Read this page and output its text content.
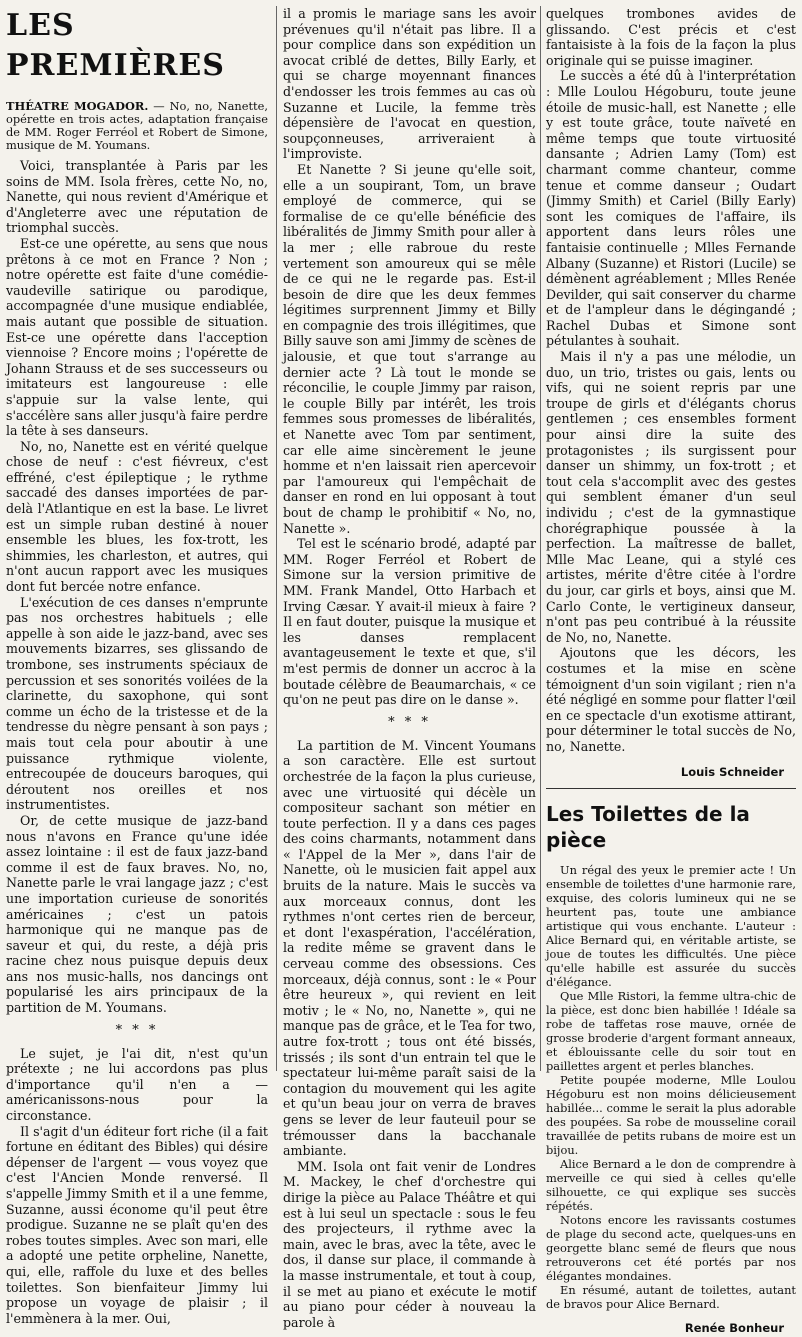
LES PREMIÈRES
THÉATRE MOGADOR. — No, no, Nanette, opérette en trois actes, adaptation française de MM. Roger Ferréol et Robert de Simone, musique de M. Youmans.

Voici, transplantée à Paris par les soins de MM. Isola frères, cette No, no, Nanette, qui nous revient d'Amérique et d'Angleterre avec une réputation de triomphal succès.

Est-ce une opérette, au sens que nous prêtons à ce mot en France ? Non ; notre opérette est faite d'une comédie-vaudeville satirique ou parodique, accompagnée d'une musique endiablée, mais autant que possible de situation. Est-ce une opérette dans l'acception viennoise ? Encore moins ; l'opérette de Johann Strauss et de ses successeurs ou imitateurs est langoureuse : elle s'appuie sur la valse lente, qui s'accélère sans aller jusqu'à faire perdre la tête à ses danseurs.

No, no, Nanette est en vérité quelque chose de neuf : c'est fiévreux, c'est effréné, c'est épileptique ; le rythme saccadé des danses importées de par-delà l'Atlantique en est la base. Le livret est un simple ruban destiné à nouer ensemble les blues, les fox-trott, les shimmies, les charleston, et autres, qui n'ont aucun rapport avec les musiques dont fut bercée notre enfance.

L'exécution de ces danses n'emprunte pas nos orchestres habituels ; elle appelle à son aide le jazz-band, avec ses mouvements bizarres, ses glissando de trombone, ses instruments spéciaux de percussion et ses sonorités voilées de la clarinette, du saxophone, qui sont comme un écho de la tristesse et de la tendresse du nègre pensant à son pays ; mais tout cela pour aboutir à une puissance rythmique violente, entrecoupée de douceurs baroques, qui déroutent nos oreilles et nos instrumentistes.

Or, de cette musique de jazz-band nous n'avons en France qu'une idée assez lointaine : il est de faux jazz-band comme il est de faux braves. No, no, Nanette parle le vrai langage jazz ; c'est une importation curieuse de sonorités américaines ; c'est un patois harmonique qui ne manque pas de saveur et qui, du reste, a déjà pris racine chez nous puisque depuis deux ans nos music-halls, nos dancings ont popularisé les airs principaux de la partition de M. Youmans.

* * *

Le sujet, je l'ai dit, n'est qu'un prétexte ; ne lui accordons pas plus d'importance qu'il n'en a — américanissons-nous pour la circonstance.

Il s'agit d'un éditeur fort riche (il a fait fortune en éditant des Bibles) qui désire dépenser de l'argent — vous voyez que c'est l'Ancien Monde renversé. Il s'appelle Jimmy Smith et il a une femme, Suzanne, aussi économe qu'il peut être prodigue. Suzanne ne se plaît qu'en des robes toutes simples. Avec son mari, elle a adopté une petite orpheline, Nanette, qui, elle, raffole du luxe et des belles toilettes. Son bienfaiteur Jimmy lui propose un voyage de plaisir ; il l'emmènera à la mer. Oui,

il a promis le mariage sans les avoir prévenues qu'il n'était pas libre. Il a pour complice dans son expédition un avocat criblé de dettes, Billy Early, et qui se charge moyennant finances d'endosser les trois femmes au cas où Suzanne et Lucile, la femme très dépensière de l'avocat en question, soupçonneuses, arriveraient à l'improviste.

Et Nanette ? Si jeune qu'elle soit, elle a un soupirant, Tom, un brave employé de commerce, qui se formalise de ce qu'elle bénéficie des libéralités de Jimmy Smith pour aller à la mer ; elle rabroue du reste vertement son amoureux qui se mêle de ce qui ne le regarde pas. Est-il besoin de dire que les deux femmes légitimes surprennent Jimmy et Billy en compagnie des trois illégitimes, que Billy sauve son ami Jimmy de scènes de jalousie, et que tout s'arrange au dernier acte ? Là tout le monde se réconcilie, le couple Jimmy par raison, le couple Billy par intérêt, les trois femmes sous promesses de libéralités, et Nanette avec Tom par sentiment, car elle aime sincèrement le jeune homme et n'en laissait rien apercevoir par l'amoureux qui l'empêchait de danser en rond en lui opposant à tout bout de champ le prohibitif « No, no, Nanette ».

Tel est le scénario brodé, adapté par MM. Roger Ferréol et Robert de Simone sur la version primitive de MM. Frank Mandel, Otto Harbach et Irving Cæsar. Y avait-il mieux à faire ? Il en faut douter, puisque la musique et les danses remplacent avantageusement le texte et que, s'il m'est permis de donner un accroc à la boutade célèbre de Beaumarchais, « ce qu'on ne peut pas dire on le danse ».

* * *

La partition de M. Vincent Youmans a son caractère. Elle est surtout orchestrée de la façon la plus curieuse, avec une virtuosité qui décèle un compositeur sachant son métier en toute perfection. Il y a dans ces pages des coins charmants, notamment dans « l'Appel de la Mer », dans l'air de Nanette, où le musicien fait appel aux bruits de la nature. Mais le succès va aux morceaux connus, dont les rythmes n'ont certes rien de berceur, et dont l'exaspération, l'accélération, la redite même se gravent dans le cerveau comme des obsessions. Ces morceaux, déjà connus, sont : le « Pour être heureux », qui revient en leit motiv ; le « No, no, Nanette », qui ne manque pas de grâce, et le Tea for two, autre fox-trott ; tous ont été bissés, trissés ; ils sont d'un entrain tel que le spectateur lui-même paraît saisi de la contagion du mouvement qui les agite et qu'un beau jour on verra de braves gens se lever de leur fauteuil pour se trémousser dans la bacchanale ambiante.

MM. Isola ont fait venir de Londres M. Mackey, le chef d'orchestre qui dirige la pièce au Palace Théâtre et qui est à lui seul un spectacle : sous le feu des projecteurs, il rythme avec la main, avec le bras, avec la tête, avec le dos, il danse sur place, il commande à la masse instrumentale, et tout à coup, il se met au piano et exécute le motif au piano pour céder à nouveau la parole à

quelques trombones avides de glissando. C'est précis et c'est fantaisiste à la fois de la façon la plus originale qui se puisse imaginer.

Le succès a été dû à l'interprétation : Mlle Loulou Hégoburu, toute jeune étoile de music-hall, est Nanette ; elle y est toute grâce, toute naïveté en même temps que toute virtuosité dansante ; Adrien Lamy (Tom) est charmant comme chanteur, comme tenue et comme danseur ; Oudart (Jimmy Smith) et Cariel (Billy Early) sont les comiques de l'affaire, ils apportent dans leurs rôles une fantaisie continuelle ; Mlles Fernande Albany (Suzanne) et Ristori (Lucile) se démènent agréablement ; Mlles Renée Devilder, qui sait conserver du charme et de l'ampleur dans le dégingandé ; Rachel Dubas et Simone sont pétulantes à souhait.

Mais il n'y a pas une mélodie, un duo, un trio, tristes ou gais, lents ou vifs, qui ne soient repris par une troupe de girls et d'élégants chorus gentlemen ; ces ensembles forment pour ainsi dire la suite des protagonistes ; ils surgissent pour danser un shimmy, un fox-trott ; et tout cela s'accomplit avec des gestes qui semblent émaner d'un seul individu ; c'est de la gymnastique chorégraphique poussée à la perfection. La maîtresse de ballet, Mlle Mac Leane, qui a stylé ces artistes, mérite d'être citée à l'ordre du jour, car girls et boys, ainsi que M. Carlo Conte, le vertigineux danseur, n'ont pas peu contribué à la réussite de No, no, Nanette.

Ajoutons que les décors, les costumes et la mise en scène témoignent d'un soin vigilant ; rien n'a été négligé en somme pour flatter l'œil en ce spectacle d'un exotisme attirant, pour déterminer le total succès de No, no, Nanette.

Louis Schneider
Les Toilettes de la pièce

Un régal des yeux le premier acte ! Un ensemble de toilettes d'une harmonie rare, exquise, des coloris lumineux qui ne se heurtent pas, toute une ambiance artistique qui vous enchante. L'auteur : Alice Bernard qui, en véritable artiste, se joue de toutes les difficultés. Une pièce qu'elle habille est assurée du succès d'élégance.

Que Mlle Ristori, la femme ultra-chic de la pièce, est donc bien habillée ! Idéale sa robe de taffetas rose mauve, ornée de grosse broderie d'argent formant anneaux, et éblouissante celle du soir tout en paillettes argent et perles blanches.

Petite poupée moderne, Mlle Loulou Hégoburu est non moins délicieusement habillée... comme le serait la plus adorable des poupées. Sa robe de mousseline corail travaillée de petits rubans de moire est un bijou.

Alice Bernard a le don de comprendre à merveille ce qui sied à celles qu'elle silhouette, ce qui explique ses succès répétés.

Notons encore les ravissants costumes de plage du second acte, quelques-uns en georgette blanc semé de fleurs que nous retrouverons cet été portés par nos élégantes mondaines.

En résumé, autant de toilettes, autant de bravos pour Alice Bernard.

Renée Bonheur
